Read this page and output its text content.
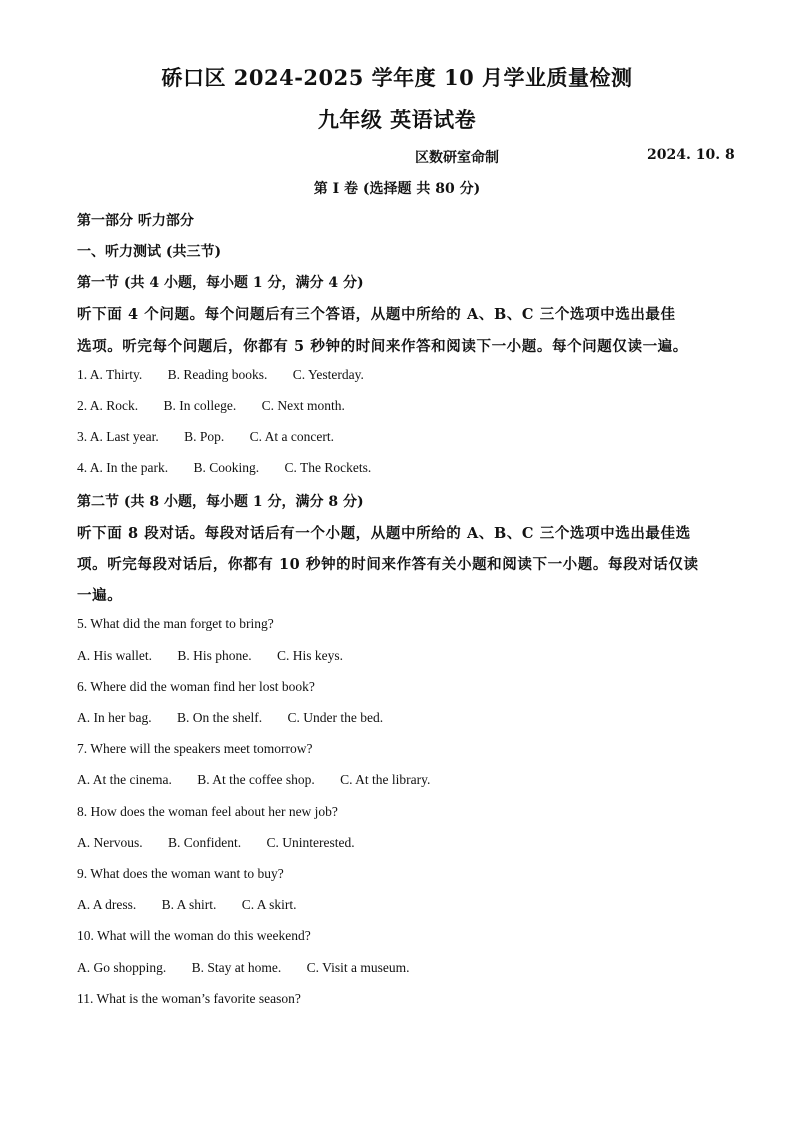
硚口区 2024-2025 学年度 10 月学业质量检测
九年级 英语试卷
区数研室命制	2024. 10. 8
第 I 卷 (选择题 共 80 分)
第一部分 听力部分
一、听力测试 (共三节)
第一节 (共 4 小题，每小题 1 分，满分 4 分)
听下面 4 个问题。每个问题后有三个答语，从题中所给的 A、B、C 三个选项中选出最佳
选项。听完每个问题后，你都有 5 秒钟的时间来作答和阅读下一小题。每个问题仅读一遍。
1. A. Thirty. B. Reading books. C. Yesterday.
2. A. Rock. B. In college. C. Next month.
3. A. Last year. B. Pop. C. At a concert.
4. A. In the park. B. Cooking. C. The Rockets.
第二节 (共 8 小题，每小题 1 分，满分 8 分)
听下面 8 段对话。每段对话后有一个小题，从题中所给的 A、B、C 三个选项中选出最佳选
项。听完每段对话后，你都有 10 秒钟的时间来作答有关小题和阅读下一小题。每段对话仅读
一遍。
5. What did the man forget to bring?
A. His wallet. B. His phone. C. His keys.
6. Where did the woman find her lost book?
A. In her bag. B. On the shelf. C. Under the bed.
7. Where will the speakers meet tomorrow?
A. At the cinema. B. At the coffee shop. C. At the library.
8. How does the woman feel about her new job?
A. Nervous. B. Confident. C. Uninterested.
9. What does the woman want to buy?
A. A dress. B. A shirt. C. A skirt.
10. What will the woman do this weekend?
A. Go shopping. B. Stay at home. C. Visit a museum.
11. What is the woman’s favorite season?
